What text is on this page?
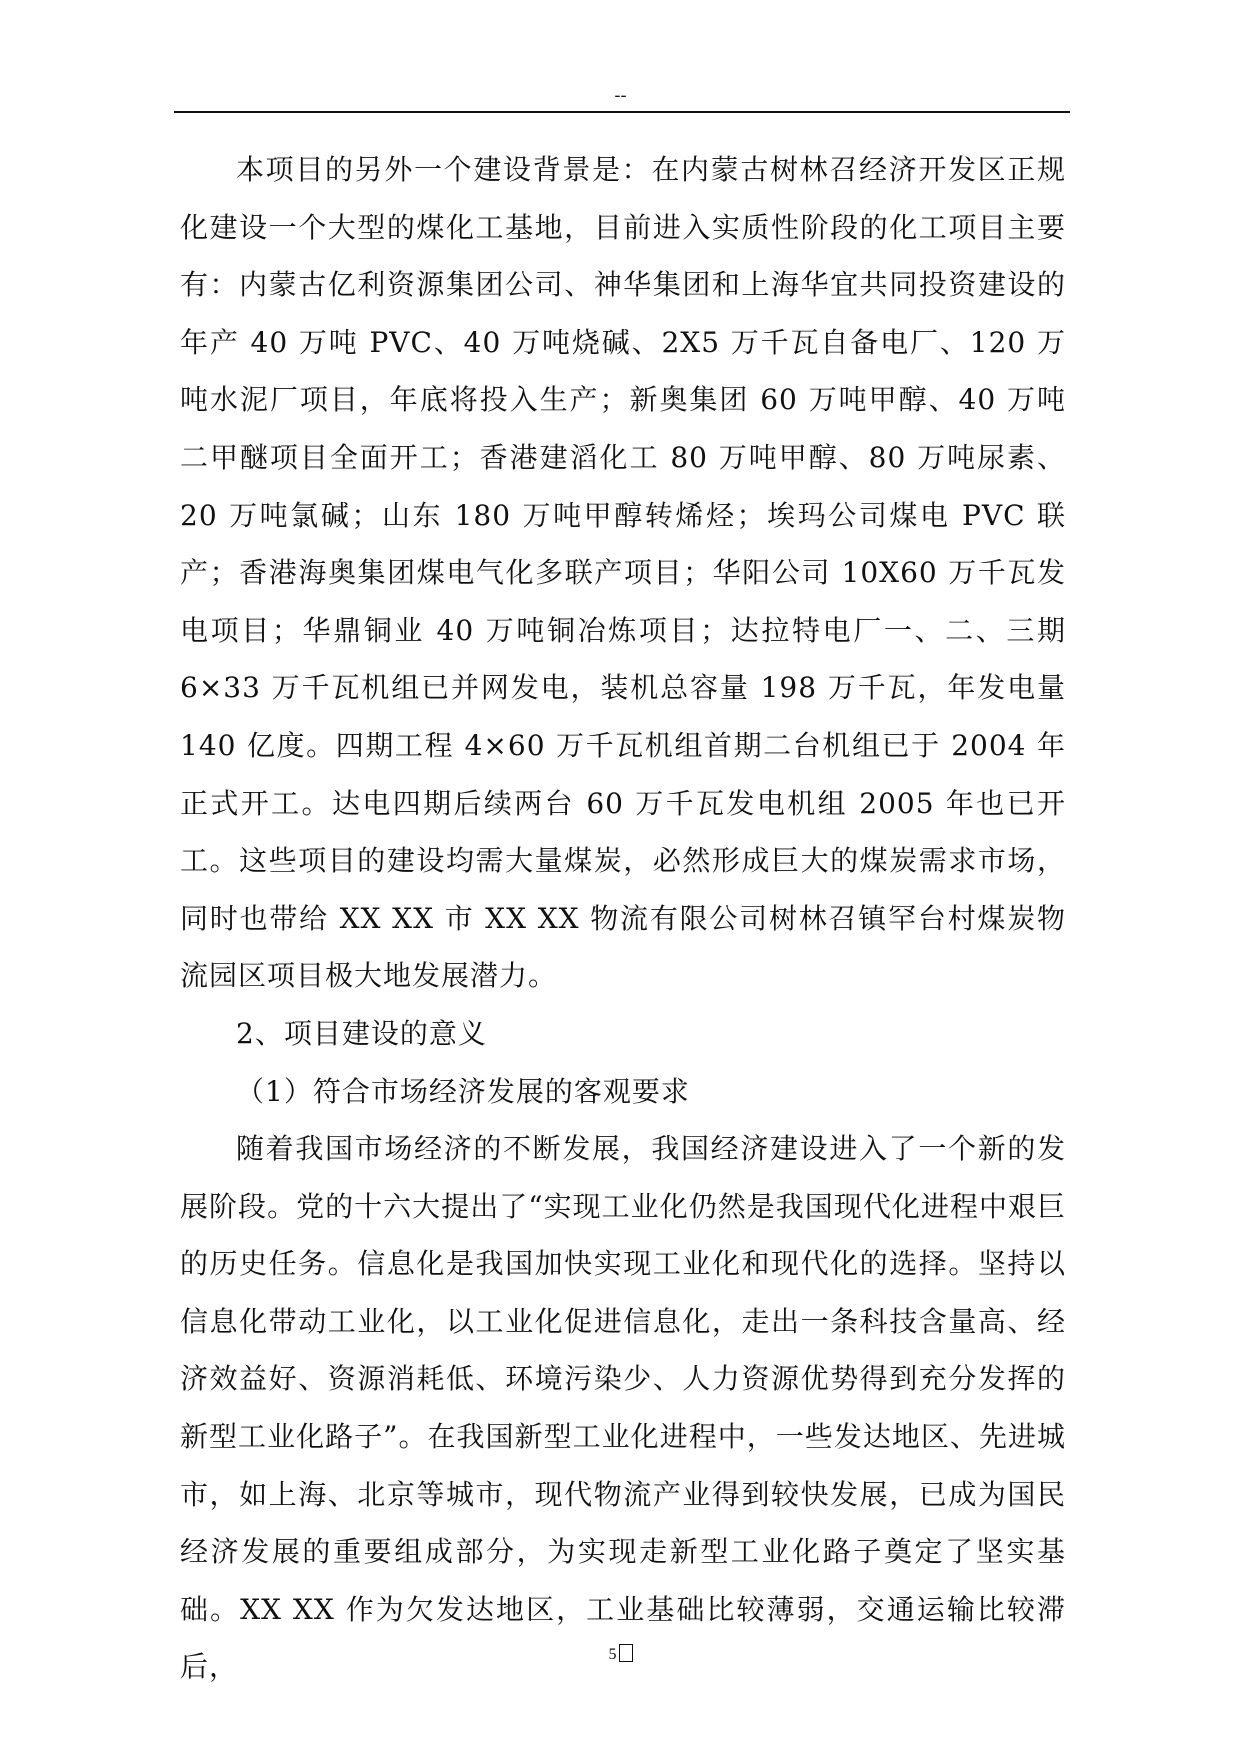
--

本项目的另外一个建设背景是：在内蒙古树林召经济开发区正规化建设一个大型的煤化工基地，目前进入实质性阶段的化工项目主要有：内蒙古亿利资源集团公司、神华集团和上海华宜共同投资建设的年产 40 万吨 PVC、40 万吨烧碱、2X5 万千瓦自备电厂、120 万吨水泥厂项目，年底将投入生产；新奥集团 60 万吨甲醇、40 万吨二甲醚项目全面开工；香港建滔化工 80 万吨甲醇、80 万吨尿素、20 万吨氯碱；山东 180 万吨甲醇转烯烃；埃玛公司煤电 PVC 联产；香港海奥集团煤电气化多联产项目；华阳公司 10X60 万千瓦发电项目；华鼎铜业 40 万吨铜冶炼项目；达拉特电厂一、二、三期 6×33 万千瓦机组已并网发电，装机总容量 198 万千瓦，年发电量 140 亿度。四期工程 4×60 万千瓦机组首期二台机组已于 2004 年正式开工。达电四期后续两台 60 万千瓦发电机组 2005 年也已开工。这些项目的建设均需大量煤炭，必然形成巨大的煤炭需求市场，同时也带给 XX XX 市 XX XX 物流有限公司树林召镇罕台村煤炭物流园区项目极大地发展潜力。

2、项目建设的意义

（1）符合市场经济发展的客观要求

随着我国市场经济的不断发展，我国经济建设进入了一个新的发展阶段。党的十六大提出了“实现工业化仍然是我国现代化进程中艰巨的历史任务。信息化是我国加快实现工业化和现代化的选择。坚持以信息化带动工业化，以工业化促进信息化，走出一条科技含量高、经济效益好、资源消耗低、环境污染少、人力资源优势得到充分发挥的新型工业化路子”。在我国新型工业化进程中，一些发达地区、先进城市，如上海、北京等城市，现代物流产业得到较快发展，已成为国民经济发展的重要组成部分，为实现走新型工业化路子奠定了坚实基础。XX XX 作为欠发达地区，工业基础比较薄弱，交通运输比较滞后，	5
